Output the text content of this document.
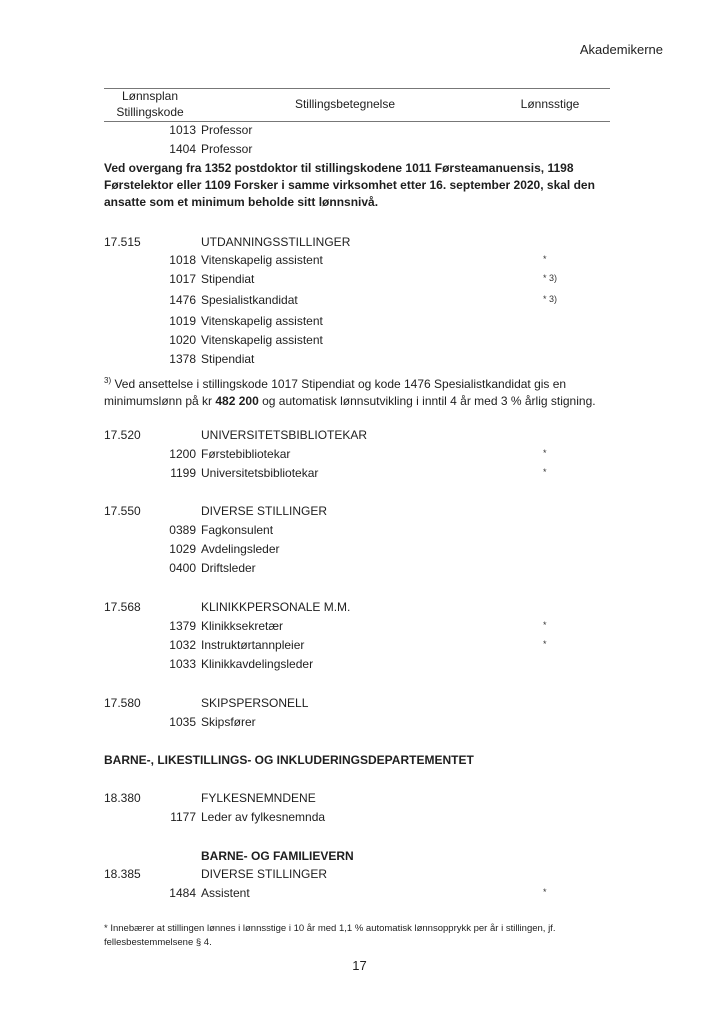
Akademikerne
Lønnsplan
Stillingskode
Stillingsbetegnelse	Lønnsstige
1013 Professor
1404 Professor
Ved overgang fra 1352 postdoktor til stillingskodene 1011 Førsteamanuensis, 1198 Førstelektor eller 1109 Forsker i samme virksomhet etter 16. september 2020, skal den ansatte som et minimum beholde sitt lønnsnivå.
17.515	UTDANNINGSSTILLINGER
1018 Vitenskapelig assistent	*
1017 Stipendiat	* 3)
1476 Spesialistkandidat	* 3)
1019 Vitenskapelig assistent
1020 Vitenskapelig assistent
1378 Stipendiat
17.520	UNIVERSITETSBIBLIOTEKAR
1200 Førstebibliotekar	*
1199 Universitetsbibliotekar	*
17.550	DIVERSE STILLINGER
0389 Fagkonsulent
1029 Avdelingsleder
0400 Driftsleder
17.568	KLINIKKPERSONALE M.M.
1379 Klinikksekretær	*
1032 Instruktørtannpleier	*
1033 Klinikkavdelingsleder
17.580	SKIPSPERSONELL
1035 Skipsfører
$^{3)}$ Ved ansettelse i stillingskode 1017 Stipendiat og kode 1476 Spesialistkandidat gis en minimumslønn på kr 482 200 og automatisk lønnsutvikling i inntil 4 år med 3 % årlig stigning.
BARNE-, LIKESTILLINGS- OG INKLUDERINGSDEPARTEMENTET
18.380	FYLKESNEMNDENE
1177 Leder av fylkesnemnda
BARNE- OG FAMILIEVERN
18.385	DIVERSE STILLINGER
1484 Assistent	*
* Innebærer at stillingen lønnes i lønnsstige i 10 år med 1,1 % automatisk lønnsopprykk per år i stillingen, jf. fellesbestemmelsene § 4.
17
